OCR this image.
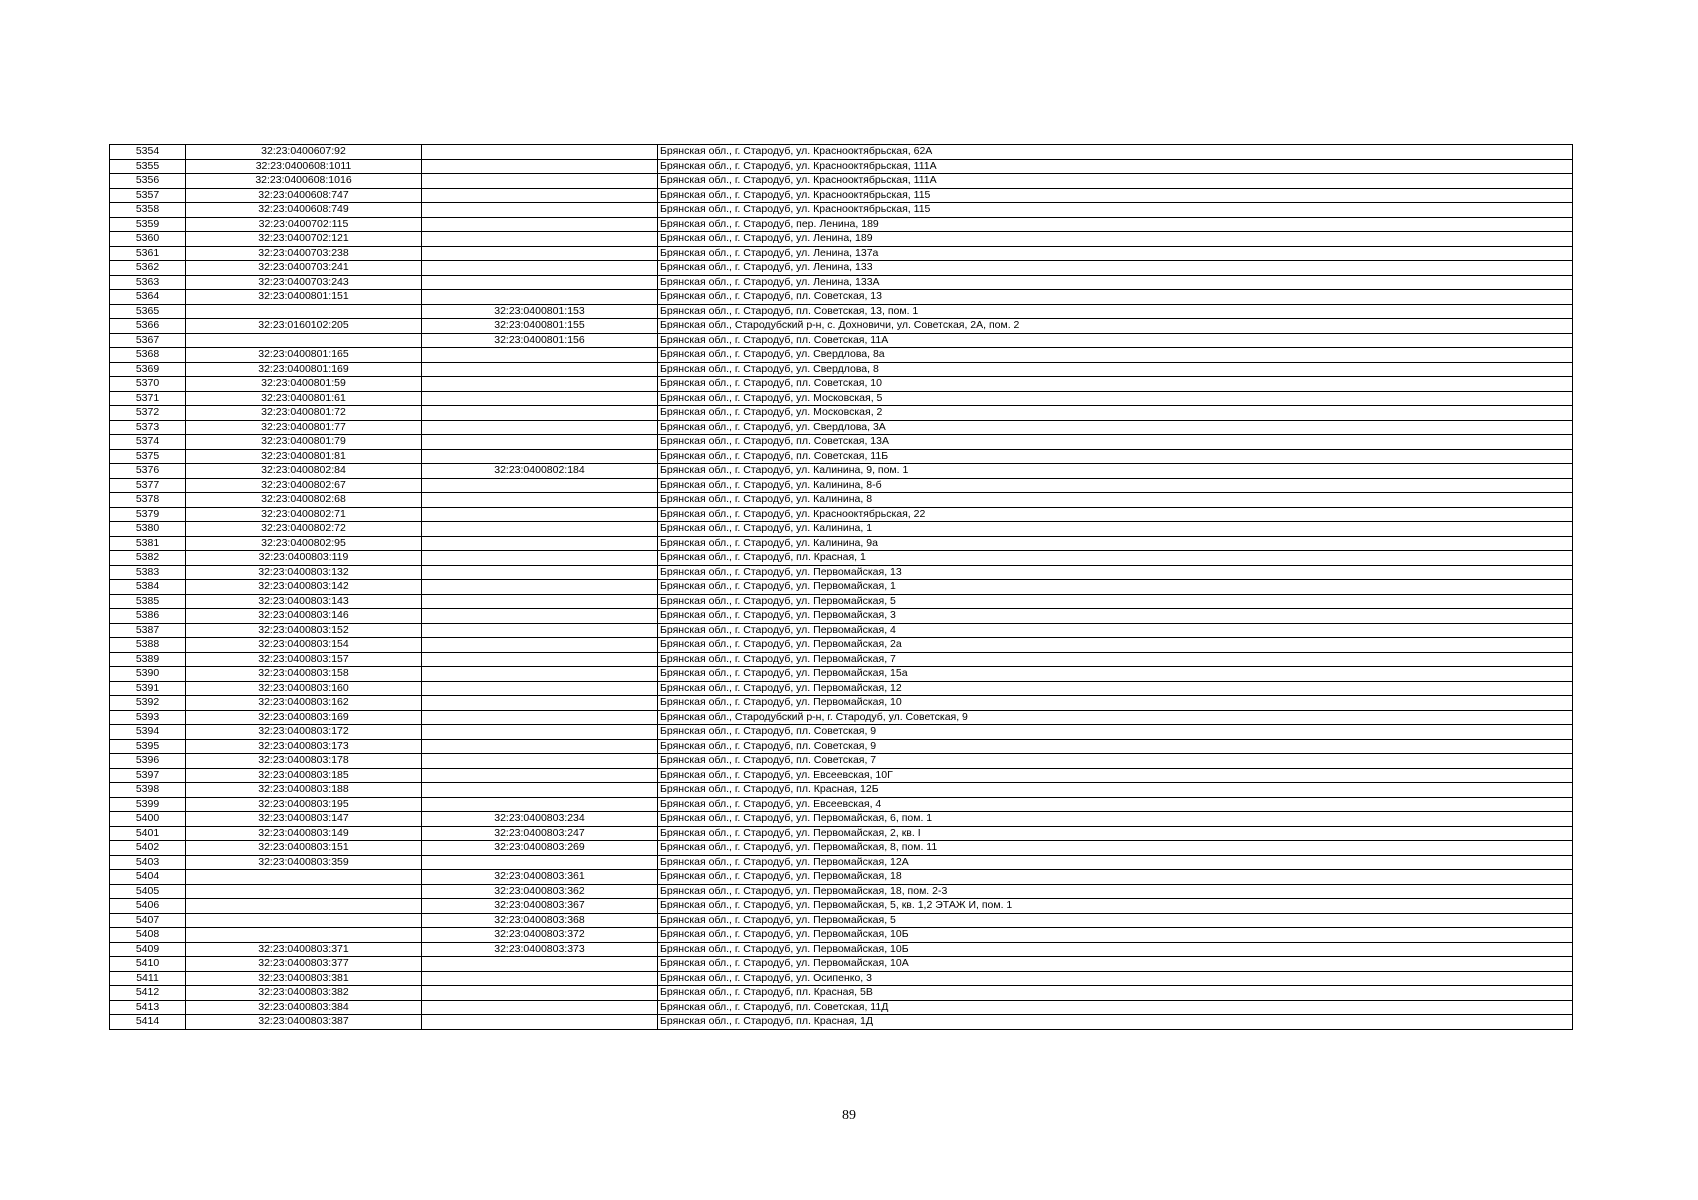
5354	32:23:0400607:92		Брянская обл., г. Стародуб, ул. Краснооктябрьская, 62А
5355	32:23:0400608:1011		Брянская обл., г. Стародуб, ул. Краснооктябрьская, 111А
5356	32:23:0400608:1016		Брянская обл., г. Стародуб, ул. Краснооктябрьская, 111А
5357	32:23:0400608:747		Брянская обл., г. Стародуб, ул. Краснооктябрьская, 115
5358	32:23:0400608:749		Брянская обл., г. Стародуб, ул. Краснооктябрьская, 115
5359	32:23:0400702:115		Брянская обл., г. Стародуб, пер. Ленина, 189
5360	32:23:0400702:121		Брянская обл., г. Стародуб, ул. Ленина, 189
5361	32:23:0400703:238		Брянская обл., г. Стародуб, ул. Ленина, 137а
5362	32:23:0400703:241		Брянская обл., г. Стародуб, ул. Ленина, 133
5363	32:23:0400703:243		Брянская обл., г. Стародуб, ул. Ленина, 133А
5364	32:23:0400801:151		Брянская обл., г. Стародуб, пл. Советская, 13
5365		32:23:0400801:153	Брянская обл., г. Стародуб, пл. Советская, 13, пом. 1
5366	32:23:0160102:205	32:23:0400801:155	Брянская обл., Стародубский р-н, с. Дохновичи, ул. Советская, 2А, пом. 2
5367		32:23:0400801:156	Брянская обл., г. Стародуб, пл. Советская, 11А
5368	32:23:0400801:165		Брянская обл., г. Стародуб, ул. Свердлова, 8а
5369	32:23:0400801:169		Брянская обл., г. Стародуб, ул. Свердлова, 8
5370	32:23:0400801:59		Брянская обл., г. Стародуб, пл. Советская, 10
5371	32:23:0400801:61		Брянская обл., г. Стародуб, ул. Московская, 5
5372	32:23:0400801:72		Брянская обл., г. Стародуб, ул. Московская, 2
5373	32:23:0400801:77		Брянская обл., г. Стародуб, ул. Свердлова, 3А
5374	32:23:0400801:79		Брянская обл., г. Стародуб, пл. Советская, 13А
5375	32:23:0400801:81		Брянская обл., г. Стародуб, пл. Советская, 11Б
5376	32:23:0400802:84	32:23:0400802:184	Брянская обл., г. Стародуб, ул. Калинина, 9, пом. 1
5377	32:23:0400802:67		Брянская обл., г. Стародуб, ул. Калинина, 8-б
5378	32:23:0400802:68		Брянская обл., г. Стародуб, ул. Калинина, 8
5379	32:23:0400802:71		Брянская обл., г. Стародуб, ул. Краснооктябрьская, 22
5380	32:23:0400802:72		Брянская обл., г. Стародуб, ул. Калинина, 1
5381	32:23:0400802:95		Брянская обл., г. Стародуб, ул. Калинина, 9а
5382	32:23:0400803:119		Брянская обл., г. Стародуб, пл. Красная, 1
5383	32:23:0400803:132		Брянская обл., г. Стародуб, ул. Первомайская, 13
5384	32:23:0400803:142		Брянская обл., г. Стародуб, ул. Первомайская, 1
5385	32:23:0400803:143		Брянская обл., г. Стародуб, ул. Первомайская, 5
5386	32:23:0400803:146		Брянская обл., г. Стародуб, ул. Первомайская, 3
5387	32:23:0400803:152		Брянская обл., г. Стародуб, ул. Первомайская, 4
5388	32:23:0400803:154		Брянская обл., г. Стародуб, ул. Первомайская, 2а
5389	32:23:0400803:157		Брянская обл., г. Стародуб, ул. Первомайская, 7
5390	32:23:0400803:158		Брянская обл., г. Стародуб, ул. Первомайская, 15а
5391	32:23:0400803:160		Брянская обл., г. Стародуб, ул. Первомайская, 12
5392	32:23:0400803:162		Брянская обл., г. Стародуб, ул. Первомайская, 10
5393	32:23:0400803:169		Брянская обл., Стародубский р-н, г. Стародуб, ул. Советская, 9
5394	32:23:0400803:172		Брянская обл., г. Стародуб, пл. Советская, 9
5395	32:23:0400803:173		Брянская обл., г. Стародуб, пл. Советская, 9
5396	32:23:0400803:178		Брянская обл., г. Стародуб, пл. Советская, 7
5397	32:23:0400803:185		Брянская обл., г. Стародуб, ул. Евсеевская, 10Г
5398	32:23:0400803:188		Брянская обл., г. Стародуб, пл. Красная, 12Б
5399	32:23:0400803:195		Брянская обл., г. Стародуб, ул. Евсеевская, 4
5400	32:23:0400803:147	32:23:0400803:234	Брянская обл., г. Стародуб, ул. Первомайская, 6, пом. 1
5401	32:23:0400803:149	32:23:0400803:247	Брянская обл., г. Стародуб, ул. Первомайская, 2, кв. I
5402	32:23:0400803:151	32:23:0400803:269	Брянская обл., г. Стародуб, ул. Первомайская, 8, пом. 11
5403	32:23:0400803:359		Брянская обл., г. Стародуб, ул. Первомайская, 12А
5404		32:23:0400803:361	Брянская обл., г. Стародуб, ул. Первомайская, 18
5405		32:23:0400803:362	Брянская обл., г. Стародуб, ул. Первомайская, 18, пом. 2-3
5406		32:23:0400803:367	Брянская обл., г. Стародуб, ул. Первомайская, 5, кв. 1,2 ЭТАЖ И, пом. 1
5407		32:23:0400803:368	Брянская обл., г. Стародуб, ул. Первомайская, 5
5408		32:23:0400803:372	Брянская обл., г. Стародуб, ул. Первомайская, 10Б
5409	32:23:0400803:371	32:23:0400803:373	Брянская обл., г. Стародуб, ул. Первомайская, 10Б
5410	32:23:0400803:377		Брянская обл., г. Стародуб, ул. Первомайская, 10А
5411	32:23:0400803:381		Брянская обл., г. Стародуб, ул. Осипенко, 3
5412	32:23:0400803:382		Брянская обл., г. Стародуб, пл. Красная, 5В
5413	32:23:0400803:384		Брянская обл., г. Стародуб, пл. Советская, 11Д
5414	32:23:0400803:387		Брянская обл., г. Стародуб, пл. Красная, 1Д
89
